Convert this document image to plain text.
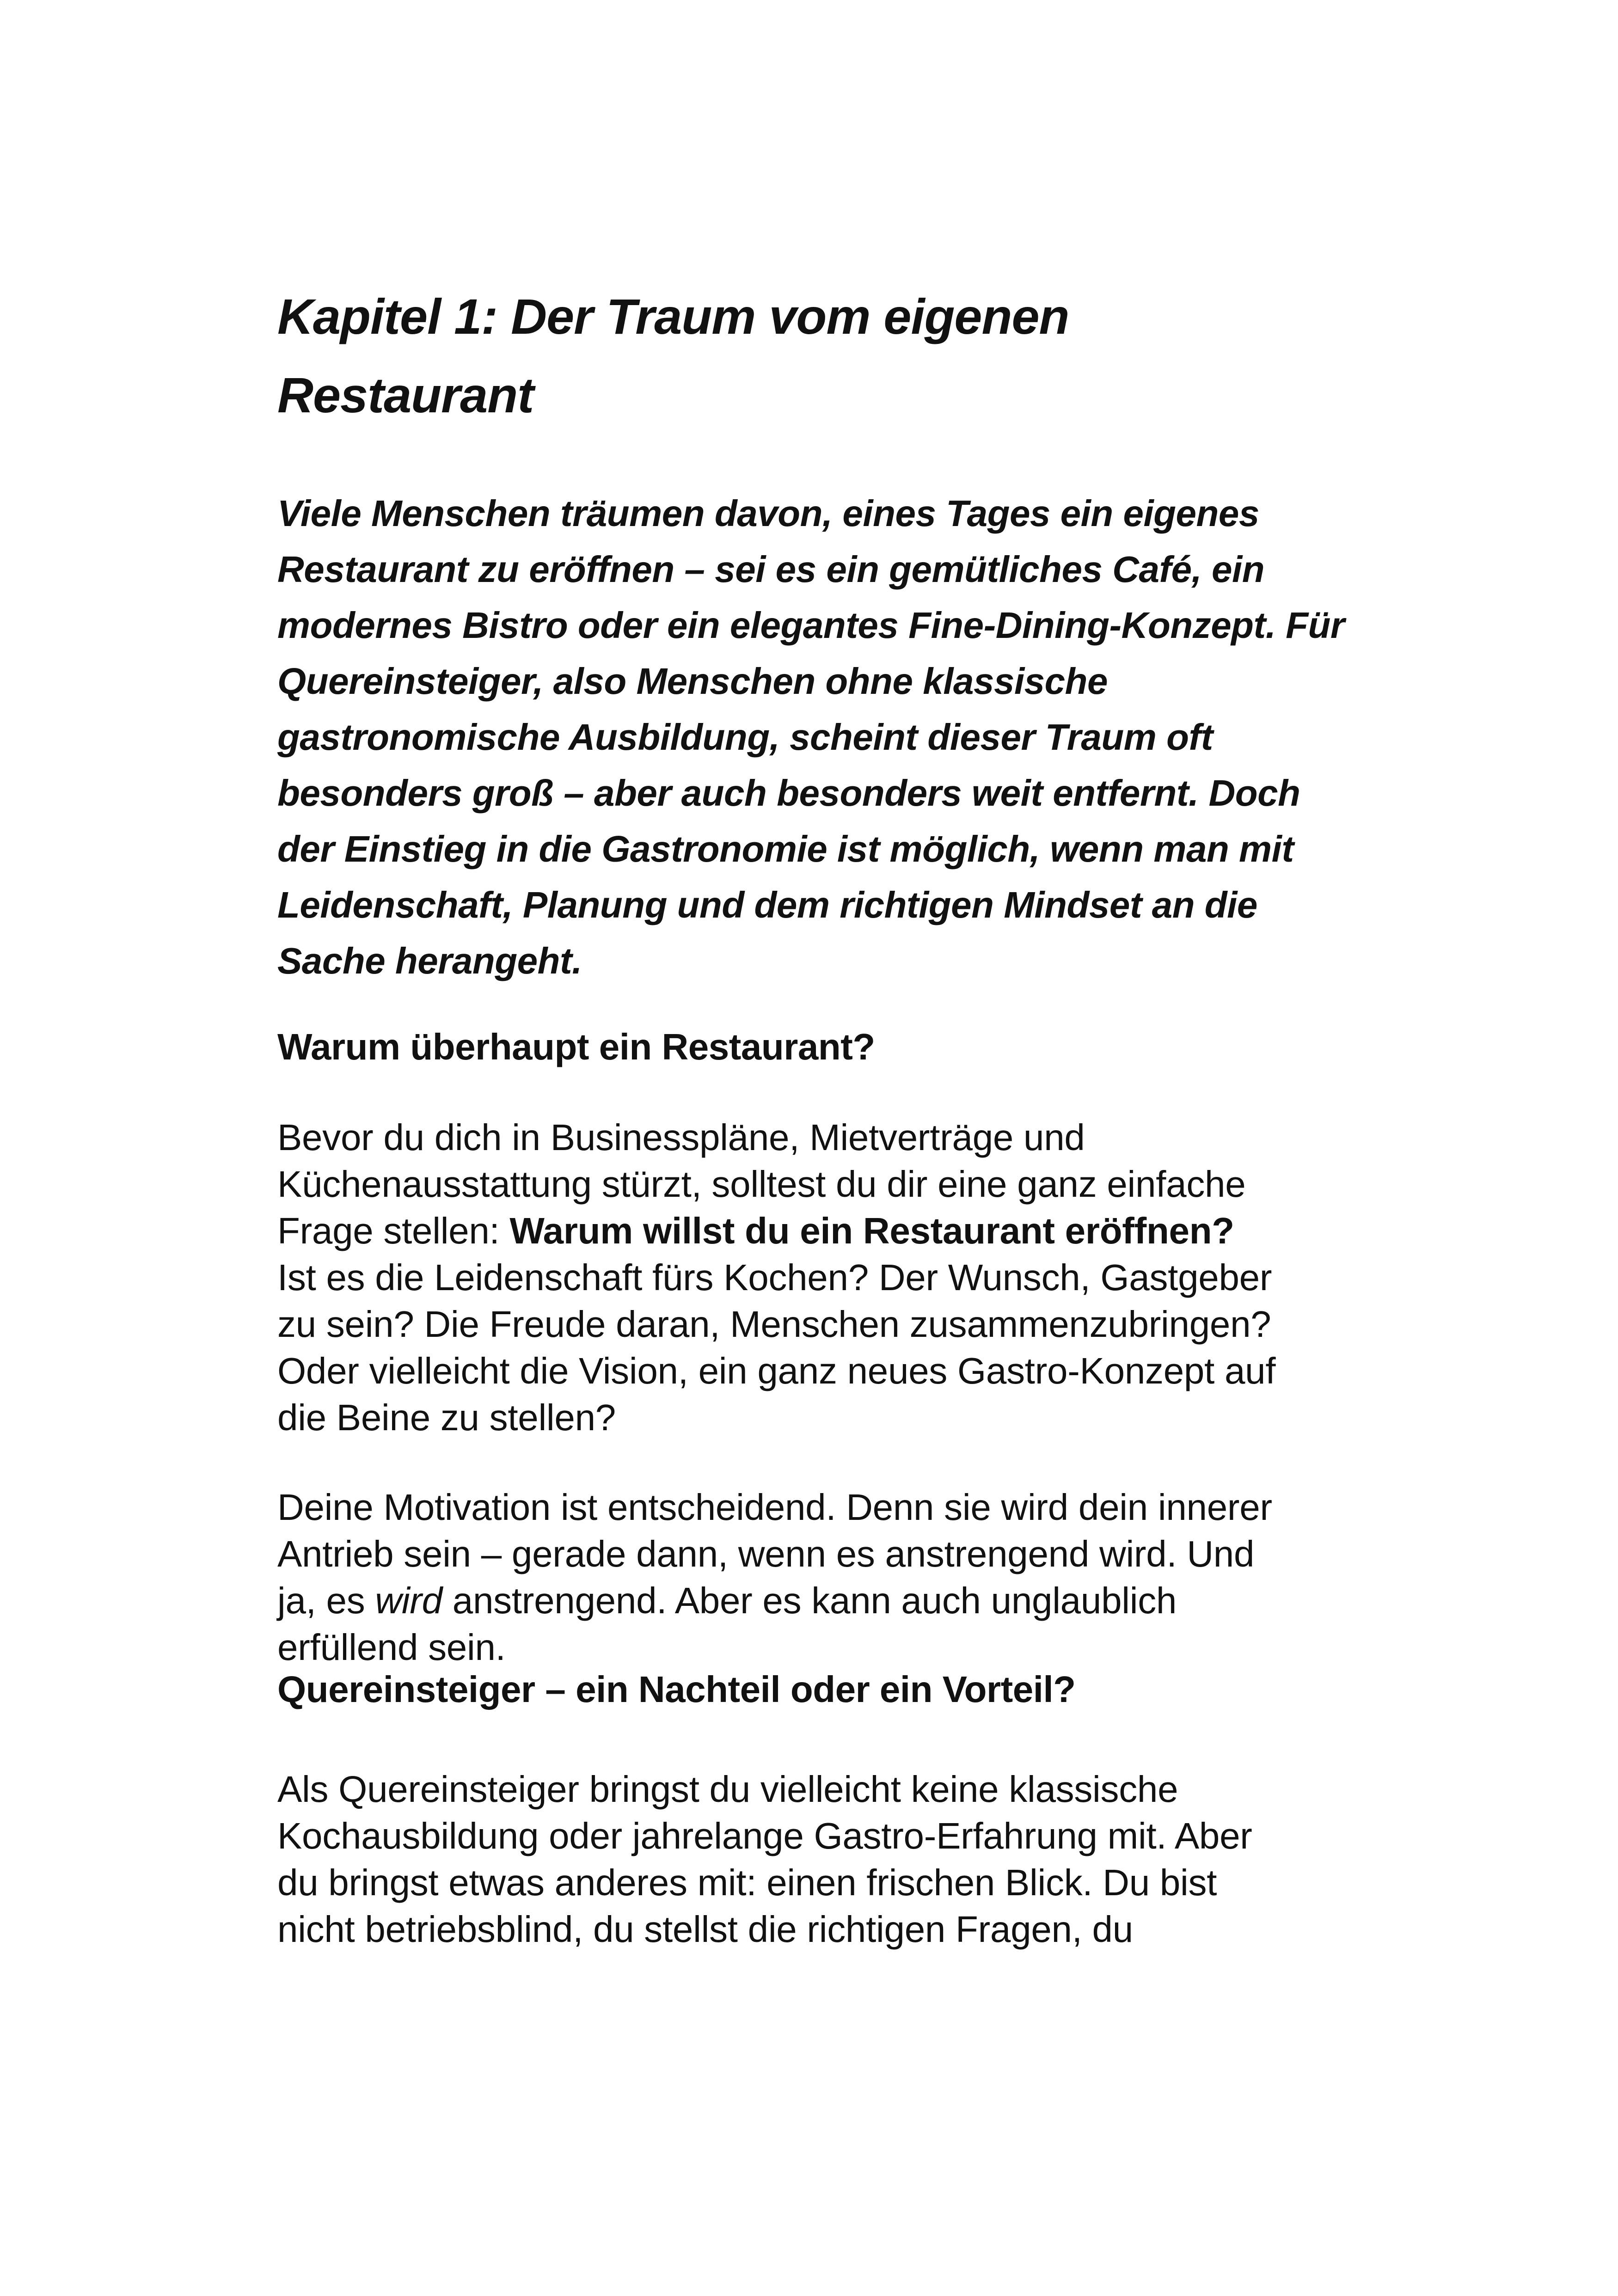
Kapitel 1: Der Traum vom eigenen
Restaurant

Viele Menschen träumen davon, eines Tages ein eigenes
Restaurant zu eröffnen – sei es ein gemütliches Café, ein
modernes Bistro oder ein elegantes Fine-Dining-Konzept. Für
Quereinsteiger, also Menschen ohne klassische
gastronomische Ausbildung, scheint dieser Traum oft
besonders groß – aber auch besonders weit entfernt. Doch
der Einstieg in die Gastronomie ist möglich, wenn man mit
Leidenschaft, Planung und dem richtigen Mindset an die
Sache herangeht.

Warum überhaupt ein Restaurant?

Bevor du dich in Businesspläne, Mietverträge und
Küchenausstattung stürzt, solltest du dir eine ganz einfache
Frage stellen: Warum willst du ein Restaurant eröffnen?
Ist es die Leidenschaft fürs Kochen? Der Wunsch, Gastgeber
zu sein? Die Freude daran, Menschen zusammenzubringen?
Oder vielleicht die Vision, ein ganz neues Gastro-Konzept auf
die Beine zu stellen?

Deine Motivation ist entscheidend. Denn sie wird dein innerer
Antrieb sein – gerade dann, wenn es anstrengend wird. Und
ja, es wird anstrengend. Aber es kann auch unglaublich
erfüllend sein.

Quereinsteiger – ein Nachteil oder ein Vorteil?

Als Quereinsteiger bringst du vielleicht keine klassische
Kochausbildung oder jahrelange Gastro-Erfahrung mit. Aber
du bringst etwas anderes mit: einen frischen Blick. Du bist
nicht betriebsblind, du stellst die richtigen Fragen, du
